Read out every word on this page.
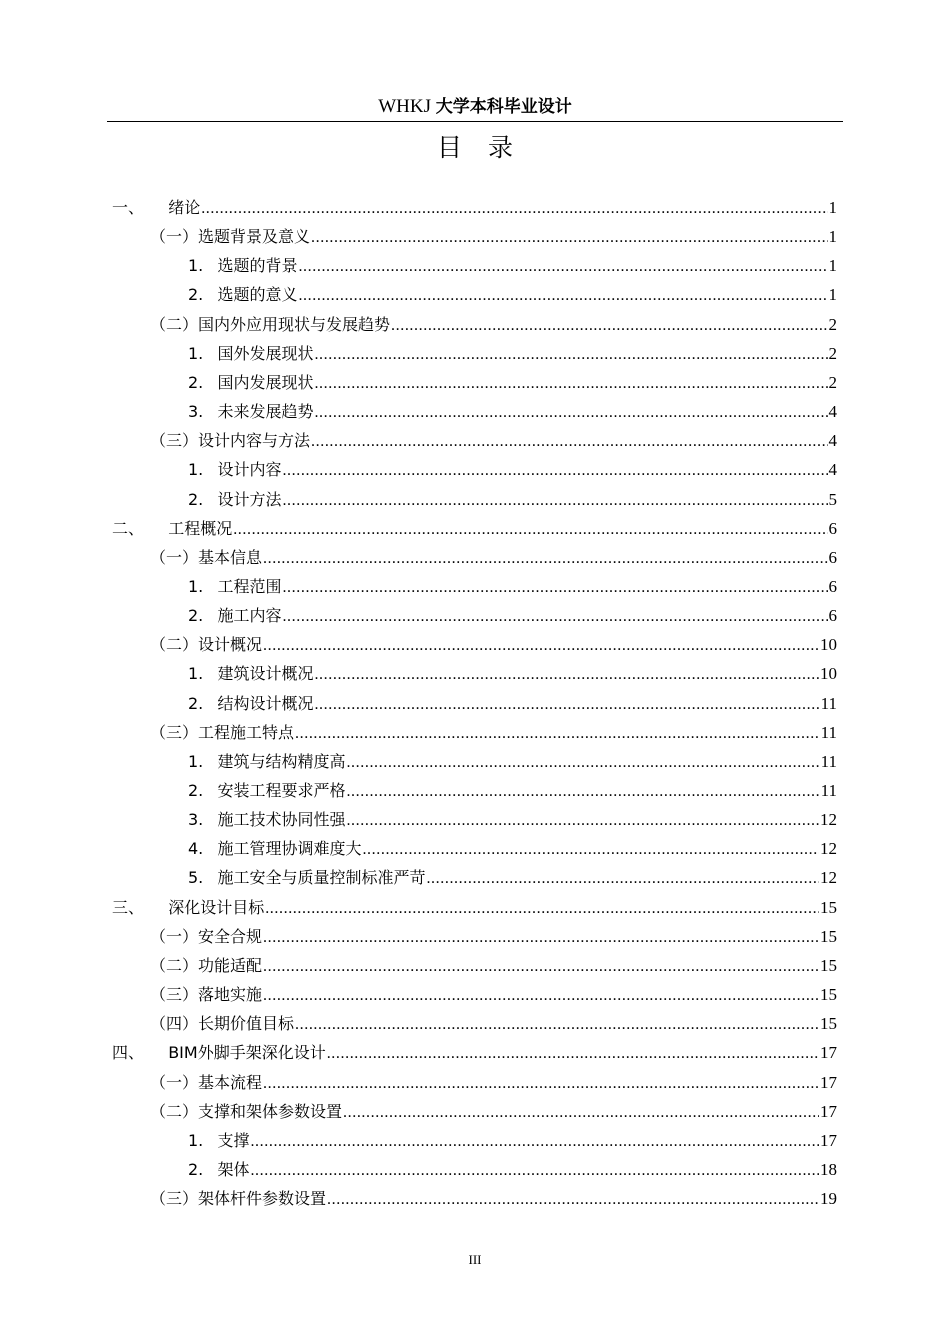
WHKJ 大学本科毕业设计
目录
一、 绪论 .....	1
（一） 选题背景及意义 .....	1
1. 选题的背景 .....	1
2. 选题的意义 .....	1
（二） 国内外应用现状与发展趋势 .....	2
1. 国外发展现状 .....	2
2. 国内发展现状 .....	2
3. 未来发展趋势 .....	4
（三） 设计内容与方法 .....	4
1. 设计内容 .....	4
2. 设计方法 .....	5
二、 工程概况 .....	6
（一） 基本信息 .....	6
1. 工程范围 .....	6
2. 施工内容 .....	6
（二） 设计概况 .....	10
1. 建筑设计概况 .....	10
2. 结构设计概况 .....	11
（三） 工程施工特点 .....	11
1. 建筑与结构精度高 .....	11
2. 安装工程要求严格 .....	11
3. 施工技术协同性强 .....	12
4. 施工管理协调难度大 .....	12
5. 施工安全与质量控制标准严苛 .....	12
三、 深化设计目标 .....	15
（一） 安全合规 .....	15
（二） 功能适配 .....	15
（三） 落地实施 .....	15
（四） 长期价值目标 .....	15
四、 BIM外脚手架深化设计 .....	17
（一） 基本流程 .....	17
（二） 支撑和架体参数设置 .....	17
1. 支撑 .....	17
2. 架体 .....	18
（三） 架体杆件参数设置 .....	19
III
